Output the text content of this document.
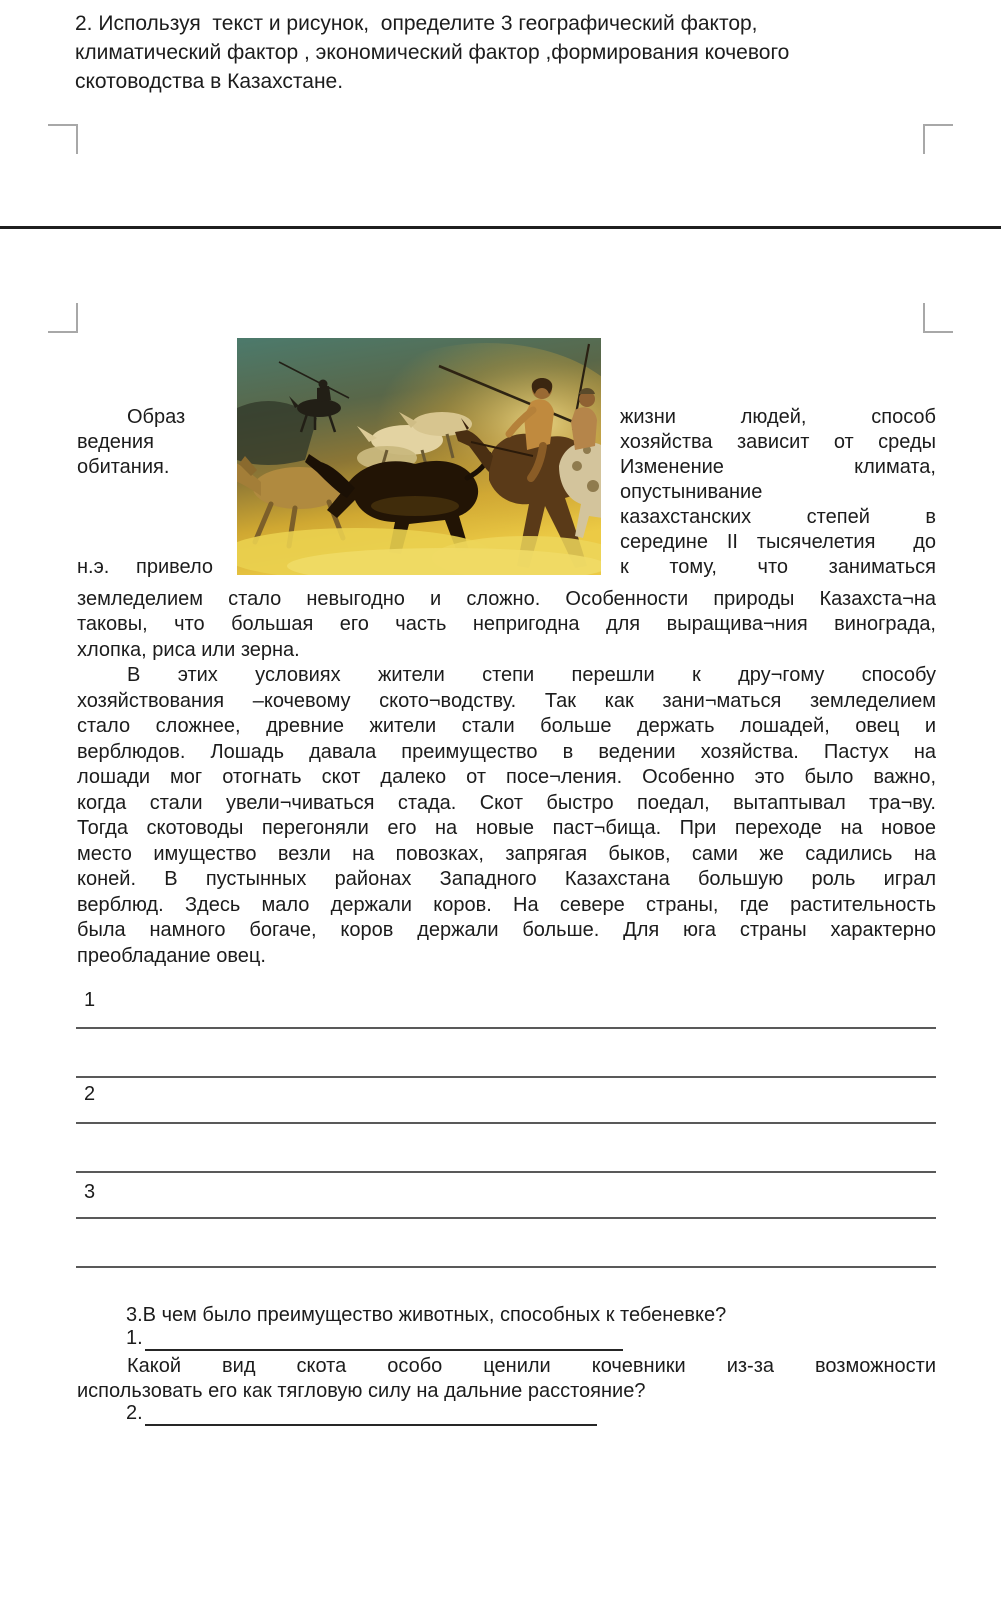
2. Используя  текст и рисунок,  определите 3 географический фактор,
климатический фактор , экономический фактор ,формирования кочевого
скотоводства в Казахстане.
Образ
ведения
обитания.
н.э.  привело
жизни людей, способ
хозяйства зависит от среды
Изменение климата,
опустынивание
казахстанских степей в
середине II тысячелетия  до
к тому, что заниматься
земледелием стало невыгодно и сложно. Особенности природы Казахста¬на
таковы, что большая его часть непригодна для выращива¬ния винограда,
хлопка, риса или зерна.
В этих условиях жители степи перешли к дру¬гому способу
хозяйствования –кочевому ското¬водству. Так как зани¬маться земледелием
стало сложнее, древние жители стали больше держать лошадей, овец и
верблюдов. Лошадь давала преимущество в ведении хозяйства. Пастух на
лошади мог отогнать скот далеко от посе¬ления. Особенно это было важно,
когда стали увели¬чиваться стада. Скот быстро поедал, вытаптывал тра¬ву.
Тогда скотоводы перегоняли его на новые паст¬бища. При переходе на новое
место имущество везли на повозках, запрягая быков, сами же садились на
коней. В пустынных районах Западного Казахстана большую роль играл
верблюд. Здесь мало держали коров. На севере страны, где растительность
была намного богаче, коров держали больше. Для юга страны характерно
преобладание овец.
1
2
3
3.В чем было преимущество животных, способных к тебеневке?
1.
Какой вид скота особо ценили кочевники из-за возможности
использовать его как тягловую силу на дальние расстояние?
2.
